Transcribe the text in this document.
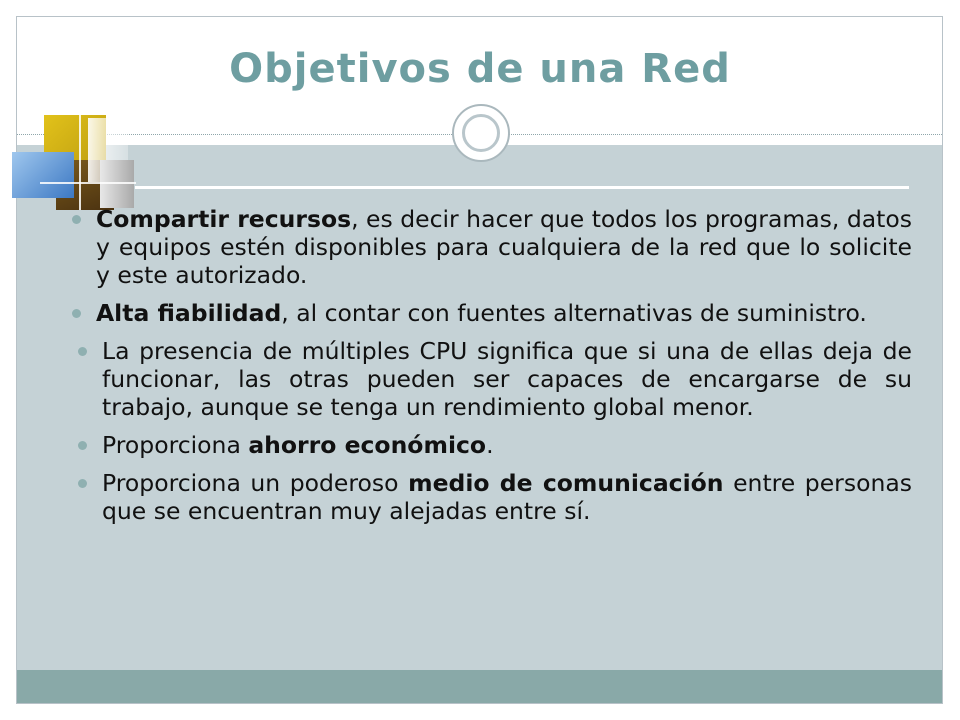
Objetivos de una Red
Compartir recursos, es decir hacer que todos los programas, datos y equipos estén disponibles para cualquiera de la red que lo solicite y este autorizado.
Alta fiabilidad, al contar con fuentes alternativas de suministro.
La presencia de múltiples CPU significa que si una de ellas deja de funcionar, las otras pueden ser capaces de encargarse de su trabajo, aunque se tenga un rendimiento global menor.
Proporciona ahorro económico.
Proporciona un poderoso medio de comunicación entre personas que se encuentran muy alejadas entre sí.
